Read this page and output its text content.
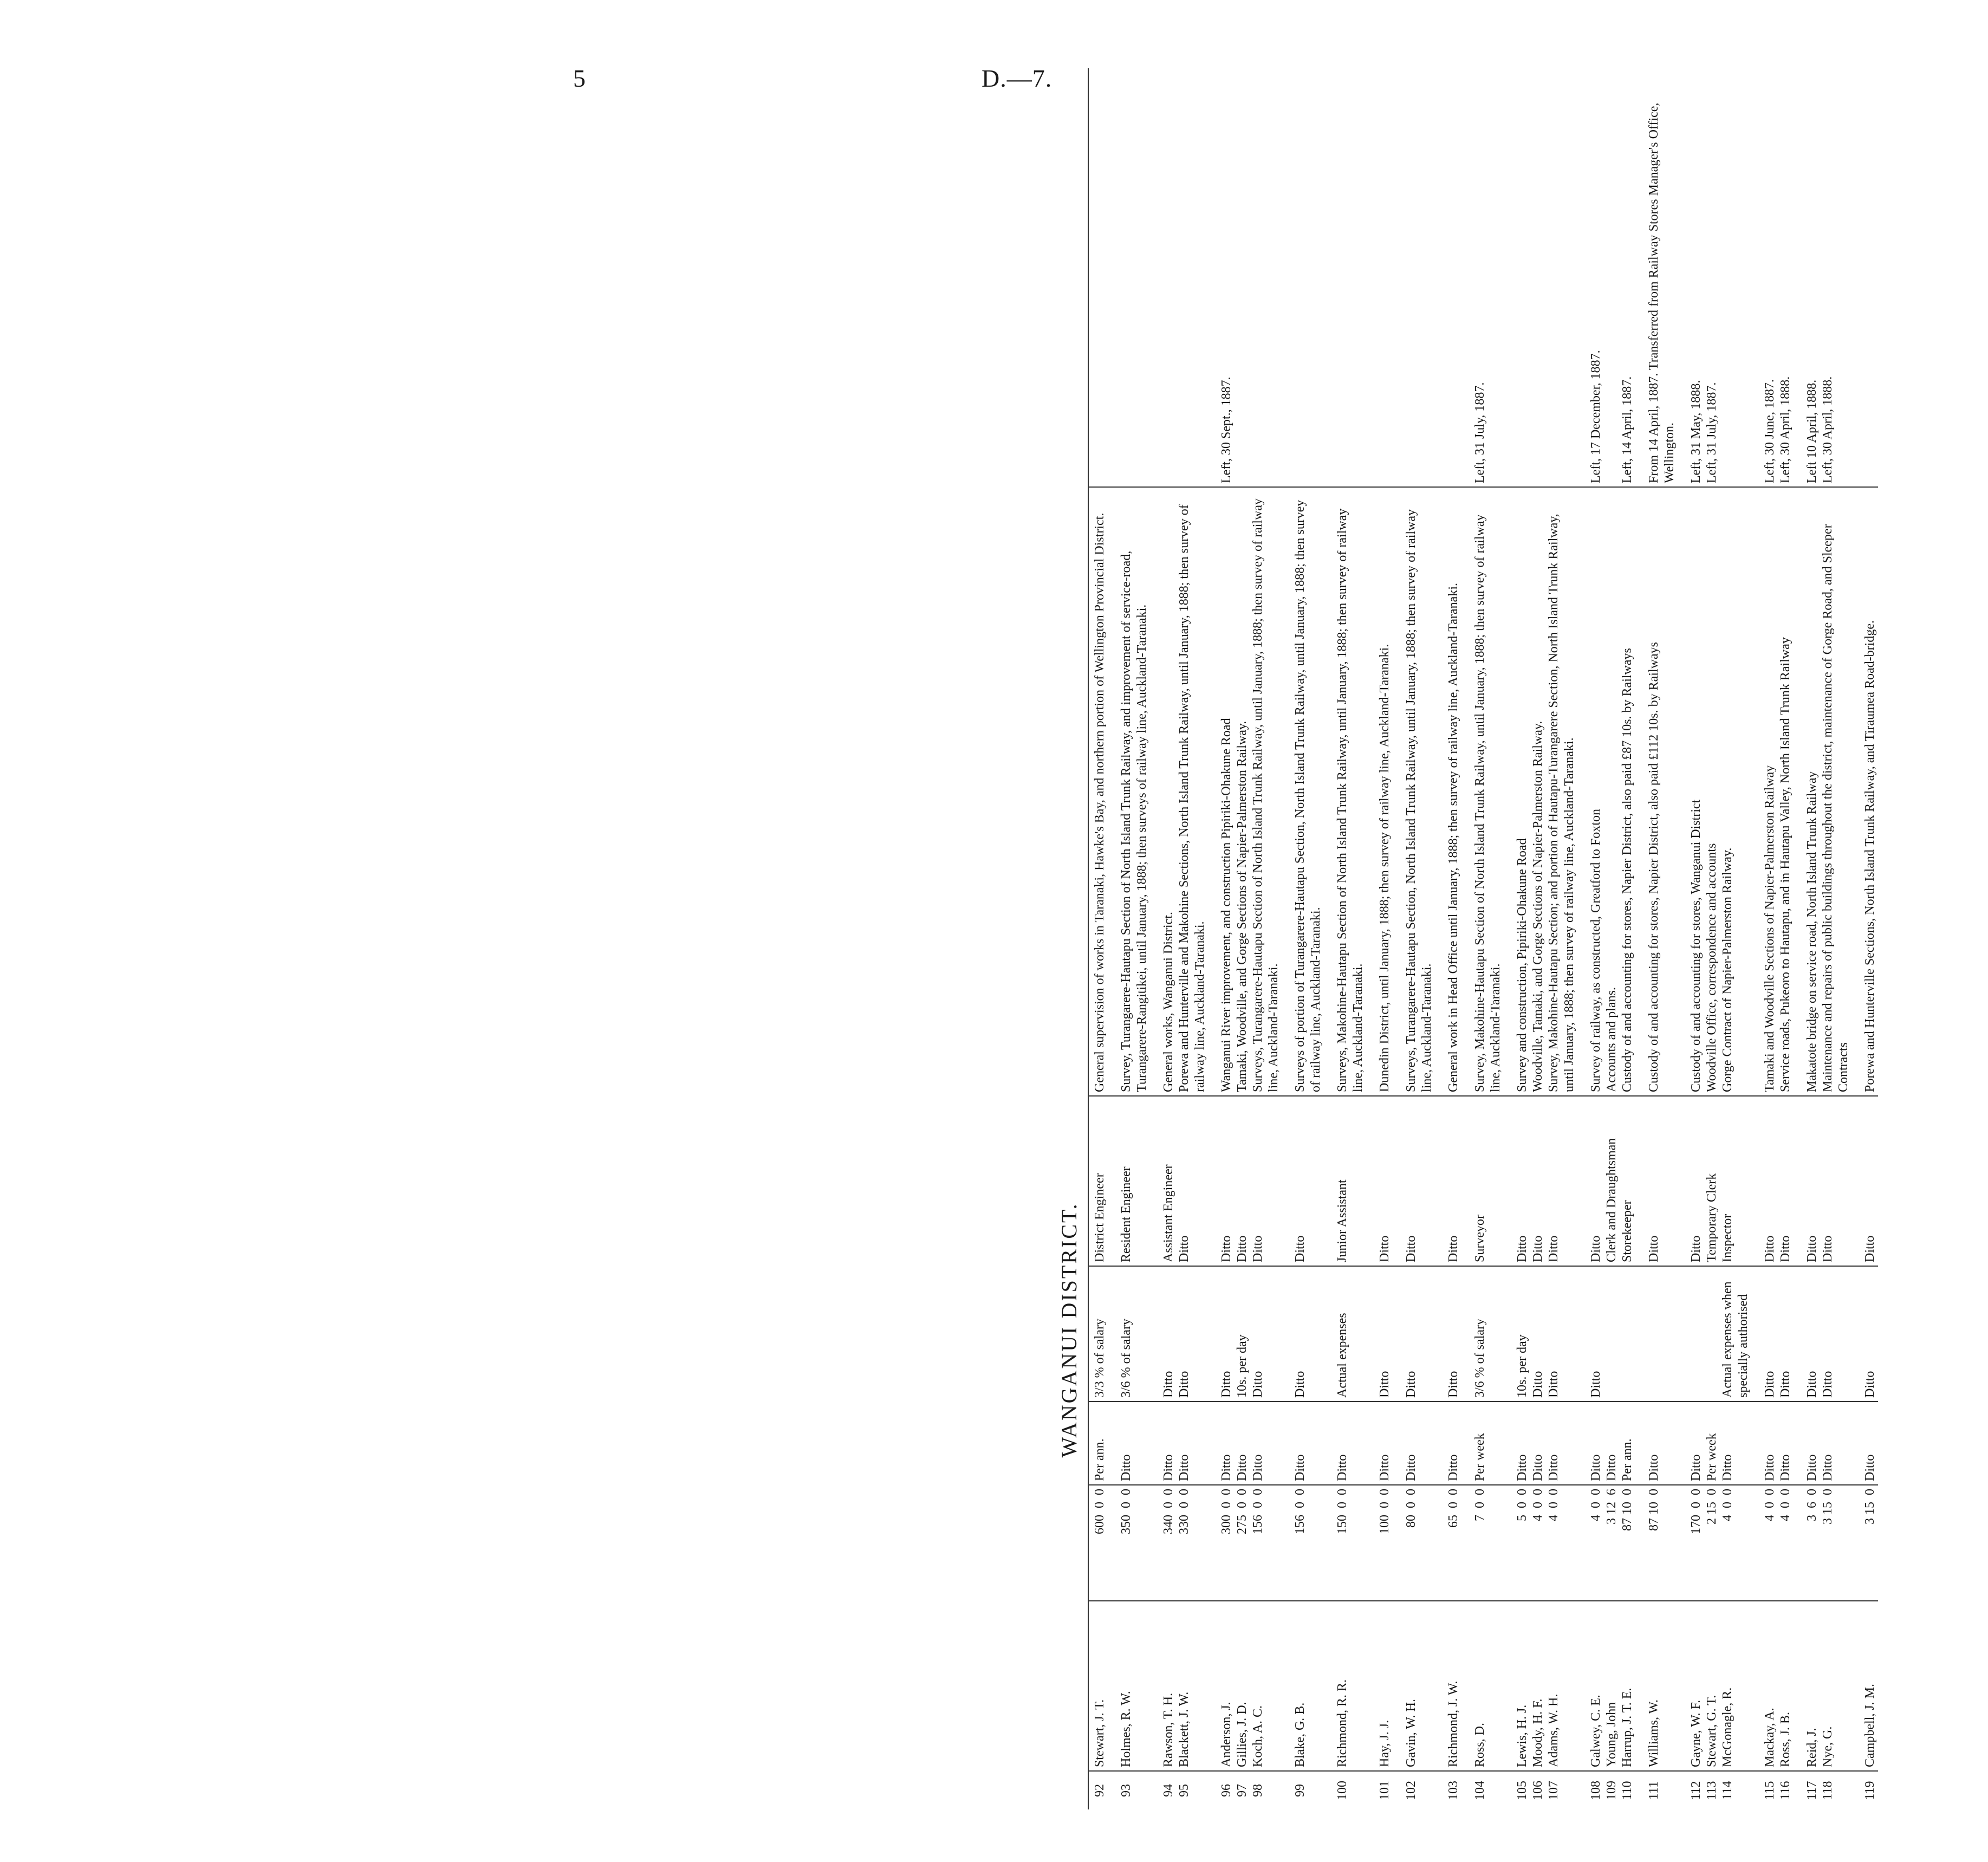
5	D.—7.
WANGANUI DISTRICT.
92	Stewart, J. T.	600  0  0	Per ann.	3/3 % of salary	District Engineer	General supervision of works in Taranaki, Hawke's Bay, and northern portion of Wellington Provincial District.	
93	Holmes, R. W.	350  0  0	Ditto	3/6 % of salary	Resident Engineer	Survey, Turangarere-Hautapu Section of North Island Trunk Railway, and improvement of service-road, Turangarere-Rangitikei, until January, 1888; then surveys of railway line, Auckland-Taranaki.	
94	Rawson, T. H.	340  0  0	Ditto	Ditto	Assistant Engineer	General works, Wanganui District.	
95	Blackett, J. W.	330  0  0	Ditto	Ditto	Ditto	Porewa and Hunterville and Makohine Sections, North Island Trunk Railway, until January, 1888; then survey of railway line, Auckland-Taranaki.	
96	Anderson, J.	300  0  0	Ditto	Ditto	Ditto	Wanganui River improvement, and construction Pipiriki-Ohakune Road	Left, 30 Sept., 1887.
97	Gillies, J. D.	275  0  0	Ditto	10s. per day	Ditto	Tamaki, Woodville, and Gorge Sections of Napier-Palmerston Railway.	
98	Koch, A. C.	156  0  0	Ditto	Ditto	Ditto	Surveys, Turangarere-Hautapu Section of North Island Trunk Railway, until January, 1888; then survey of railway line, Auckland-Taranaki.	
99	Blake, G. B.	156  0  0	Ditto	Ditto	Ditto	Surveys of portion of Turangarere-Hautapu Section, North Island Trunk Railway, until January, 1888; then survey of railway line, Auckland-Taranaki.	
100	Richmond, R. R.	150  0  0	Ditto	Actual expenses	Junior Assistant	Surveys, Makohine-Hautapu Section of North Island Trunk Railway, until January, 1888; then survey of railway line, Auckland-Taranaki.	
101	Hay, J. J.	100  0  0	Ditto	Ditto	Ditto	Dunedin District, until January, 1888; then survey of railway line, Auckland-Taranaki.	
102	Gavin, W. H.	80  0  0	Ditto	Ditto	Ditto	Surveys, Turangarere-Hautapu Section, North Island Trunk Railway, until January, 1888; then survey of railway line, Auckland-Taranaki.	
103	Richmond, J. W.	65  0  0	Ditto	Ditto	Ditto	General work in Head Office until January, 1888; then survey of railway line, Auckland-Taranaki.	
104	Ross, D.	7  0  0	Per week	3/6 % of salary	Surveyor	Survey, Makohine-Hautapu Section of North Island Trunk Railway, until January, 1888; then survey of railway line, Auckland-Taranaki.	Left, 31 July, 1887.
105	Lewis, H. J.	5  0  0	Ditto	10s. per day	Ditto	Survey and construction, Pipiriki-Ohakune Road	
106	Moody, H. F.	4  0  0	Ditto	Ditto	Ditto	Woodville, Tamaki, and Gorge Sections of Napier-Palmerston Railway.	
107	Adams, W. H.	4  0  0	Ditto	Ditto	Ditto	Survey, Makohine-Hautapu Section; and portion of Hautapu-Turangarere Section, North Island Trunk Railway, until January, 1888; then survey of railway line, Auckland-Taranaki.	
108	Galwey, C. E.	4  0  0	Ditto	Ditto	Ditto	Survey of railway, as constructed, Greatford to Foxton	Left, 17 December, 1887.
109	Young, John	3 12  6	Ditto		Clerk and Draughtsman	Accounts and plans.	
110	Harrup, J. T. E.	87 10  0	Per ann.		Storekeeper	Custody of and accounting for stores, Napier District, also paid £87 10s. by Railways	Left, 14 April, 1887.
111	Williams, W.	87 10  0	Ditto		Ditto	Custody of and accounting for stores, Napier District, also paid £112 10s. by Railways	From 14 April, 1887. Transferred from Railway Stores Manager's Office, Wellington.
112	Gayne, W. F.	170  0  0	Ditto		Ditto	Custody of and accounting for stores, Wanganui District	Left, 31 May, 1888.
113	Stewart, G. T.	2 15  0	Per week		Temporary Clerk	Woodville Office, correspondence and accounts	Left, 31 July, 1887.
114	McGonagle, R.	4  0  0	Ditto	Actual expenses when specially authorised	Inspector	Gorge Contract of Napier-Palmerston Railway.	
115	Mackay, A.	4  0  0	Ditto	Ditto	Ditto	Tamaki and Woodville Sections of Napier-Palmerston Railway	Left, 30 June, 1887.
116	Ross, J. B.	4  0  0	Ditto	Ditto	Ditto	Service roads, Pukeoro to Hautapu, and in Hautapu Valley, North Island Trunk Railway	Left, 30 April, 1888.
117	Reid, J.	3  6  0	Ditto	Ditto	Ditto	Makatote bridge on service road, North Island Trunk Railway	Left 10 April, 1888.
118	Nye, G.	3 15  0	Ditto	Ditto	Ditto	Maintenance and repairs of public buildings throughout the district, maintenance of Gorge Road, and Sleeper Contracts	Left, 30 April, 1888.
119	Campbell, J. M.	3 15  0	Ditto	Ditto	Ditto	Porewa and Hunterville Sections, North Island Trunk Railway, and Tiraumea Road-bridge.	
